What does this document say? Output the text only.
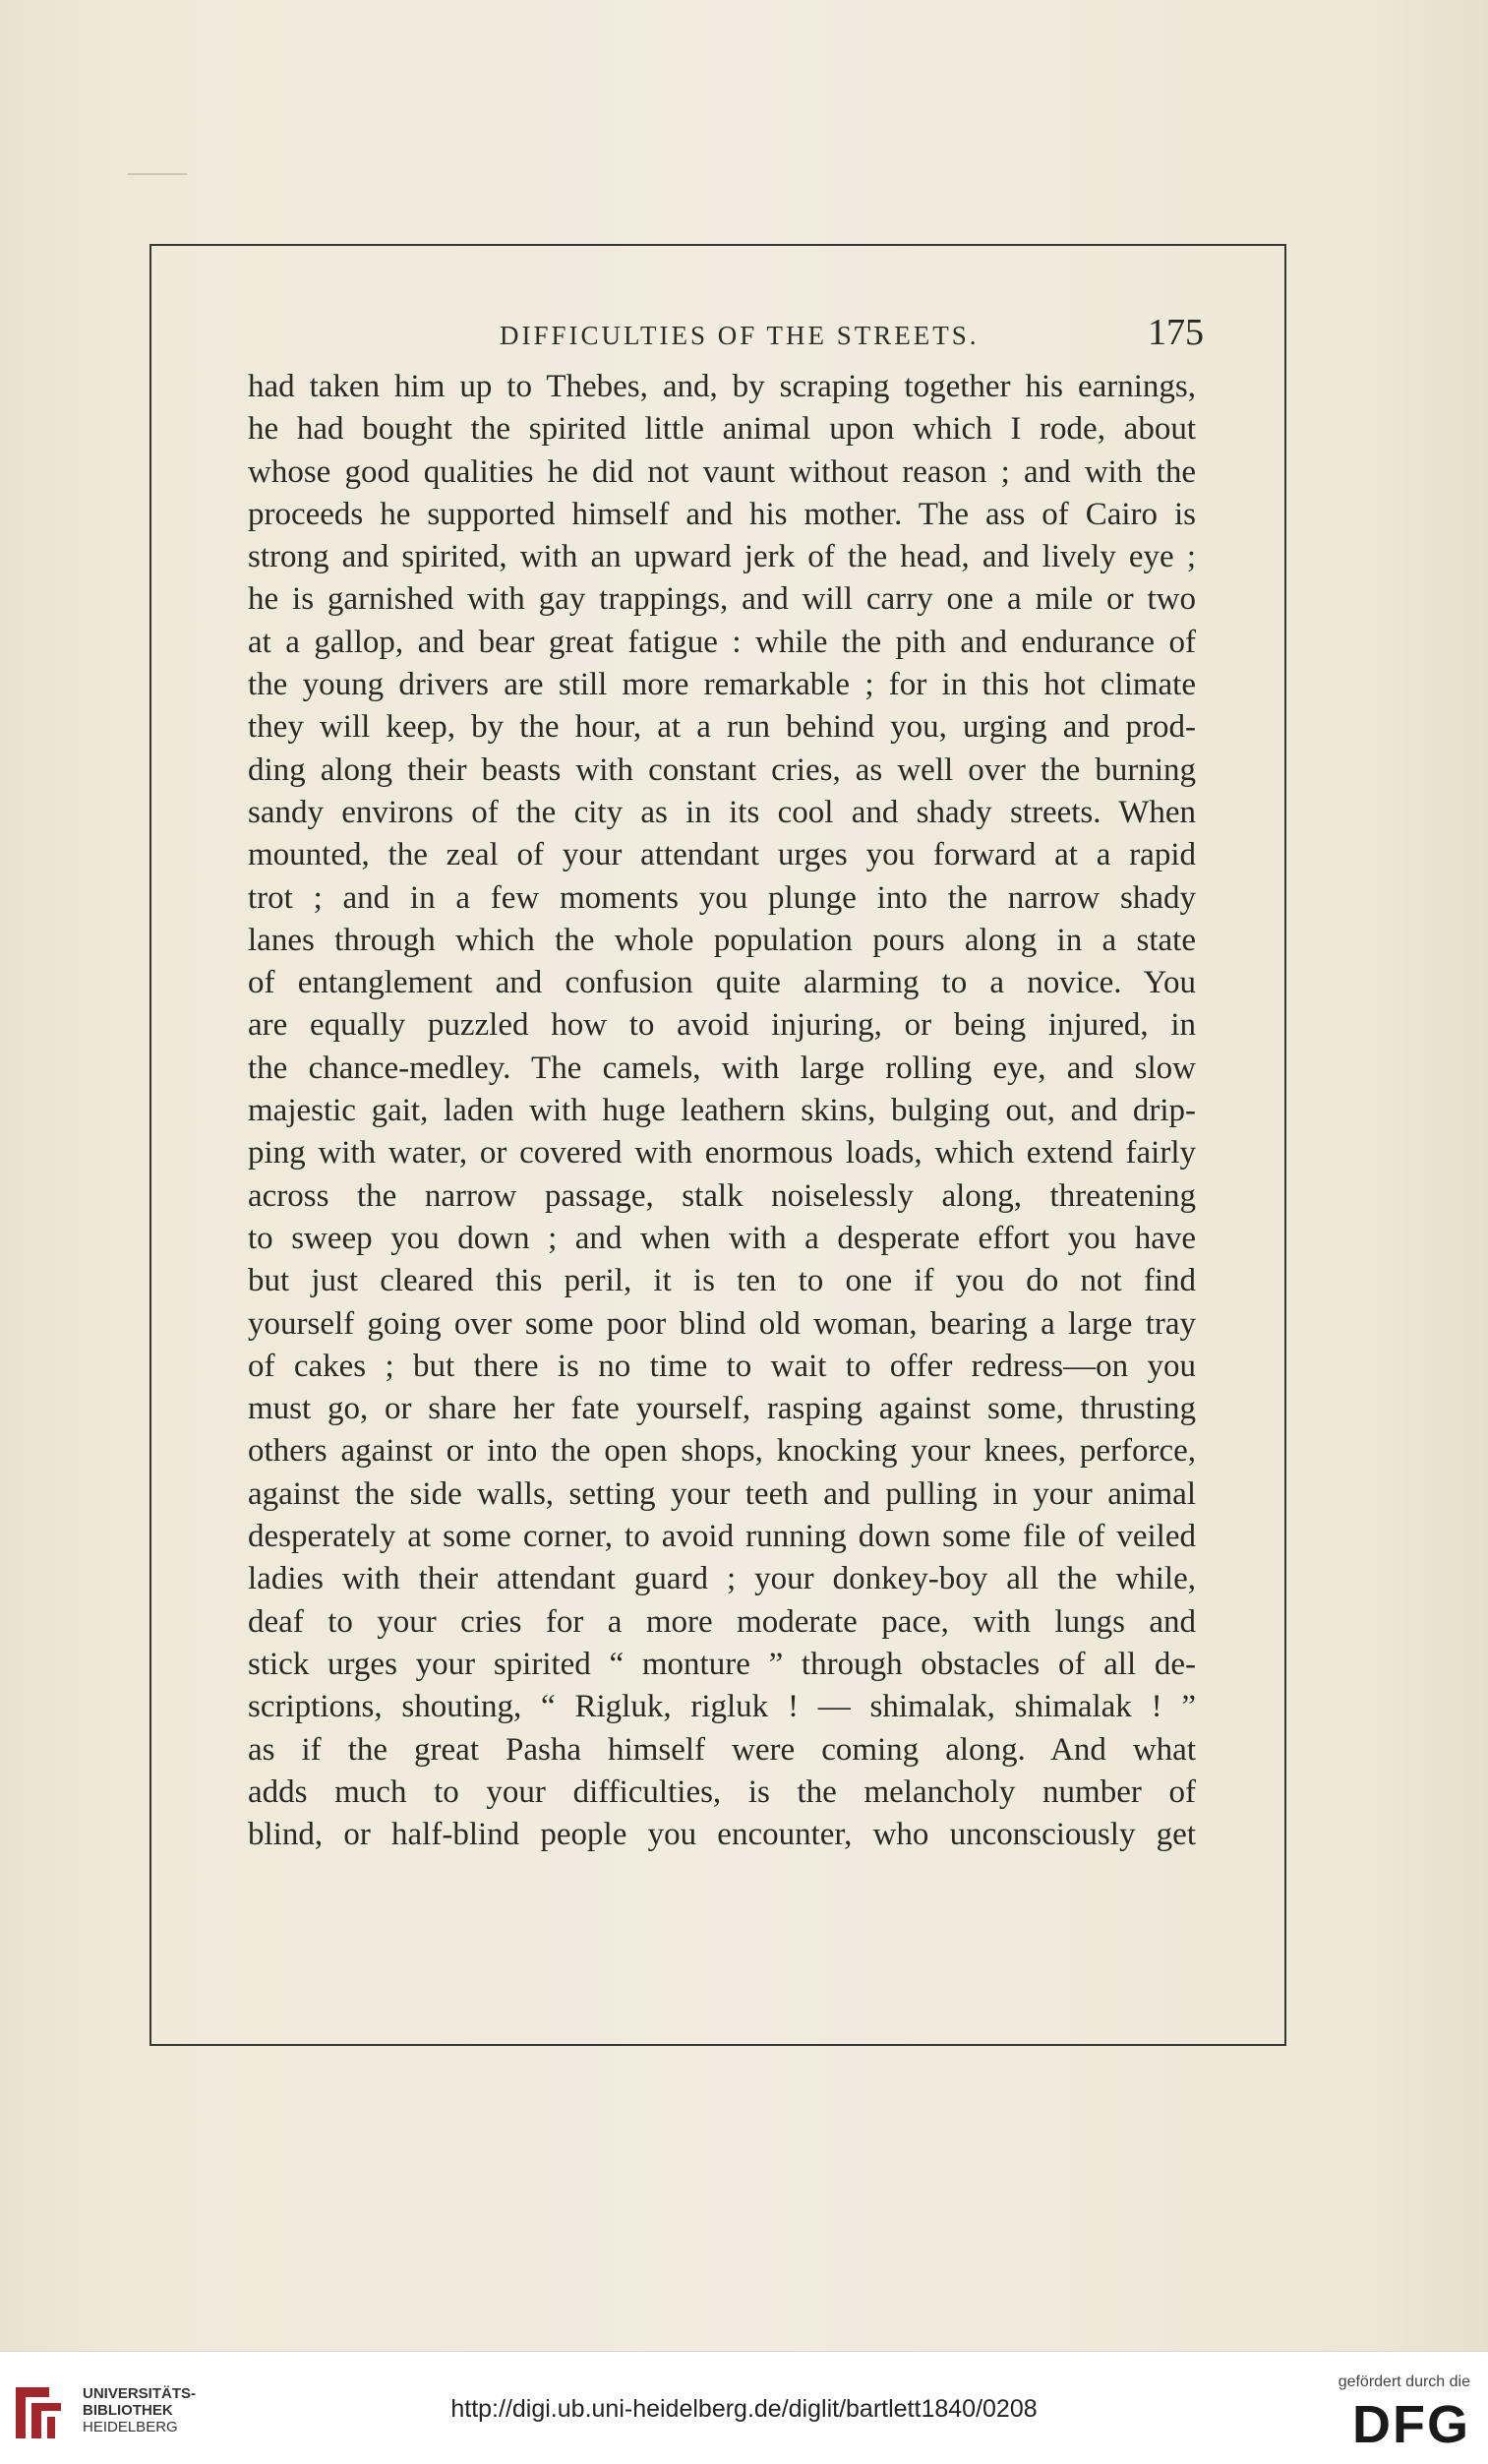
DIFFICULTIES OF THE STREETS.	175
had taken him up to Thebes, and, by scraping together his earnings,
he had bought the spirited little animal upon which I rode, about
whose good qualities he did not vaunt without reason ; and with the
proceeds he supported himself and his mother. The ass of Cairo is
strong and spirited, with an upward jerk of the head, and lively eye ;
he is garnished with gay trappings, and will carry one a mile or two
at a gallop, and bear great fatigue : while the pith and endurance of
the young drivers are still more remarkable ; for in this hot climate
they will keep, by the hour, at a run behind you, urging and prod-
ding along their beasts with constant cries, as well over the burning
sandy environs of the city as in its cool and shady streets. When
mounted, the zeal of your attendant urges you forward at a rapid
trot ; and in a few moments you plunge into the narrow shady
lanes through which the whole population pours along in a state
of entanglement and confusion quite alarming to a novice. You
are equally puzzled how to avoid injuring, or being injured, in
the chance-medley. The camels, with large rolling eye, and slow
majestic gait, laden with huge leathern skins, bulging out, and drip-
ping with water, or covered with enormous loads, which extend fairly
across the narrow passage, stalk noiselessly along, threatening
to sweep you down ; and when with a desperate effort you have
but just cleared this peril, it is ten to one if you do not find
yourself going over some poor blind old woman, bearing a large tray
of cakes ; but there is no time to wait to offer redress—on you
must go, or share her fate yourself, rasping against some, thrusting
others against or into the open shops, knocking your knees, perforce,
against the side walls, setting your teeth and pulling in your animal
desperately at some corner, to avoid running down some file of veiled
ladies with their attendant guard ; your donkey-boy all the while,
deaf to your cries for a more moderate pace, with lungs and
stick urges your spirited “ monture ” through obstacles of all de-
scriptions, shouting, “ Rigluk, rigluk ! — shimalak, shimalak ! ”
as if the great Pasha himself were coming along. And what
adds much to your difficulties, is the melancholy number of
blind, or half-blind people you encounter, who unconsciously get
UNIVERSITÄTS-
BIBLIOTHEK
HEIDELBERG
http://digi.ub.uni-heidelberg.de/diglit/bartlett1840/0208
gefördert durch die
DFG
